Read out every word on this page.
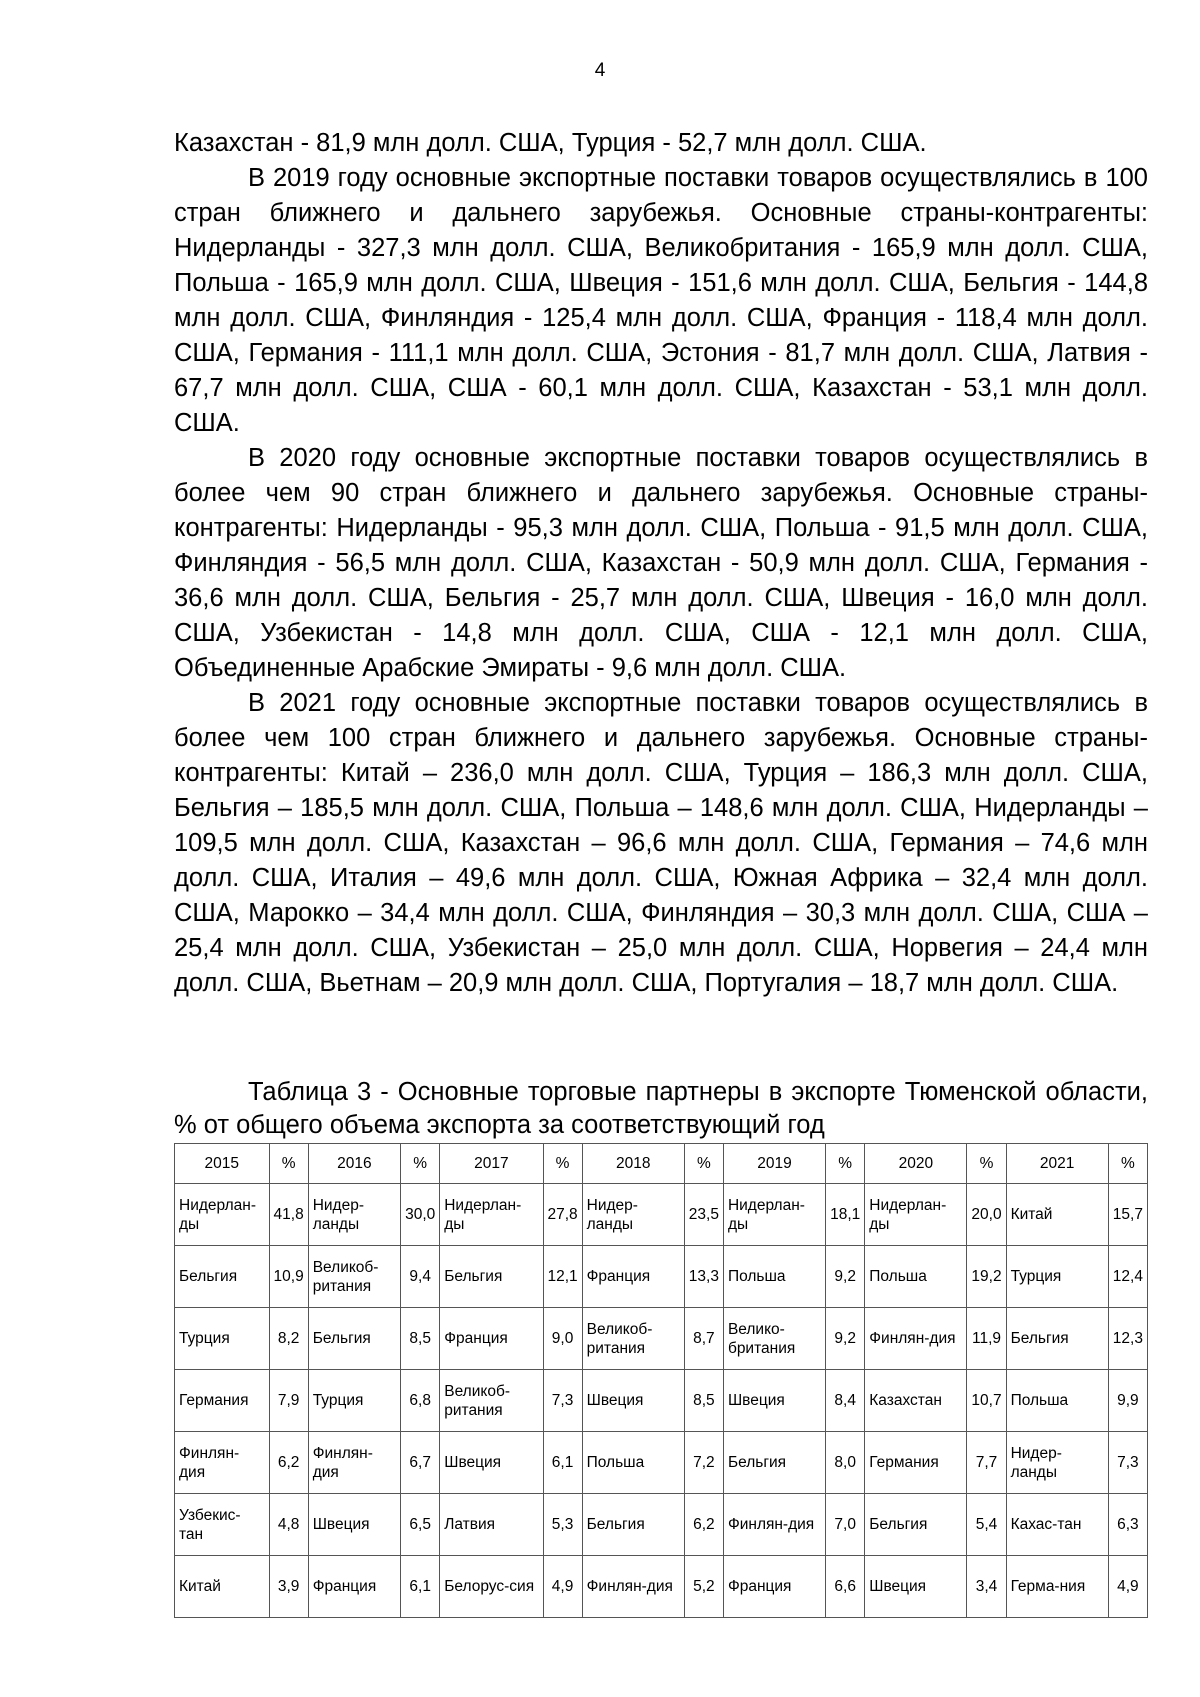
4

Казахстан - 81,9 млн долл. США, Турция - 52,7 млн долл. США.

В 2019 году основные экспортные поставки товаров осуществлялись в 100 стран ближнего и дальнего зарубежья. Основные страны-контрагенты: Нидерланды - 327,3 млн долл. США, Великобритания - 165,9 млн долл. США, Польша - 165,9 млн долл. США, Швеция - 151,6 млн долл. США, Бельгия - 144,8 млн долл. США, Финляндия - 125,4 млн долл. США, Франция - 118,4 млн долл. США, Германия - 111,1 млн долл. США, Эстония - 81,7 млн долл. США, Латвия - 67,7 млн долл. США, США - 60,1 млн долл. США, Казахстан - 53,1 млн долл. США.

В 2020 году основные экспортные поставки товаров осуществлялись в более чем 90 стран ближнего и дальнего зарубежья. Основные страны-контрагенты: Нидерланды - 95,3 млн долл. США, Польша - 91,5 млн долл. США, Финляндия - 56,5 млн долл. США, Казахстан - 50,9 млн долл. США, Германия - 36,6 млн долл. США, Бельгия - 25,7 млн долл. США, Швеция - 16,0 млн долл. США, Узбекистан - 14,8 млн долл. США, США - 12,1 млн долл. США, Объединенные Арабские Эмираты - 9,6 млн долл. США.

В 2021 году основные экспортные поставки товаров осуществлялись в более чем 100 стран ближнего и дальнего зарубежья. Основные страны-контрагенты: Китай – 236,0 млн долл. США, Турция – 186,3 млн долл. США, Бельгия – 185,5 млн долл. США, Польша – 148,6 млн долл. США, Нидерланды – 109,5 млн долл. США, Казахстан – 96,6 млн долл. США, Германия – 74,6 млн долл. США, Италия – 49,6 млн долл. США, Южная Африка – 32,4 млн долл. США, Марокко – 34,4 млн долл. США, Финляндия – 30,3 млн долл. США, США – 25,4 млн долл. США, Узбекистан – 25,0 млн долл. США, Норвегия – 24,4 млн долл. США, Вьетнам – 20,9 млн долл. США, Португалия – 18,7 млн долл. США.

Таблица 3 - Основные торговые партнеры в экспорте Тюменской области, % от общего объема экспорта за соответствующий год
2015	%	2016	%	2017	%	2018	%	2019	%	2020	%	2021	%
Нидерлан-ды	41,8	Нидер-ланды	30,0	Нидерлан-ды	27,8	Нидер-ланды	23,5	Нидерлан-ды	18,1	Нидерлан-ды	20,0	Китай	15,7
Бельгия	10,9	Великоб-ритания	9,4	Бельгия	12,1	Франция	13,3	Польша	9,2	Польша	19,2	Турция	12,4
Турция	8,2	Бельгия	8,5	Франция	9,0	Великоб-ритания	8,7	Велико-британия	9,2	Финлян-дия	11,9	Бельгия	12,3
Германия	7,9	Турция	6,8	Великоб-ритания	7,3	Швеция	8,5	Швеция	8,4	Казахстан	10,7	Польша	9,9
Финлян-дия	6,2	Финлян-дия	6,7	Швеция	6,1	Польша	7,2	Бельгия	8,0	Германия	7,7	Нидер-ланды	7,3
Узбекис-тан	4,8	Швеция	6,5	Латвия	5,3	Бельгия	6,2	Финлян-дия	7,0	Бельгия	5,4	Кахас-тан	6,3
Китай	3,9	Франция	6,1	Белорус-сия	4,9	Финлян-дия	5,2	Франция	6,6	Швеция	3,4	Герма-ния	4,9
